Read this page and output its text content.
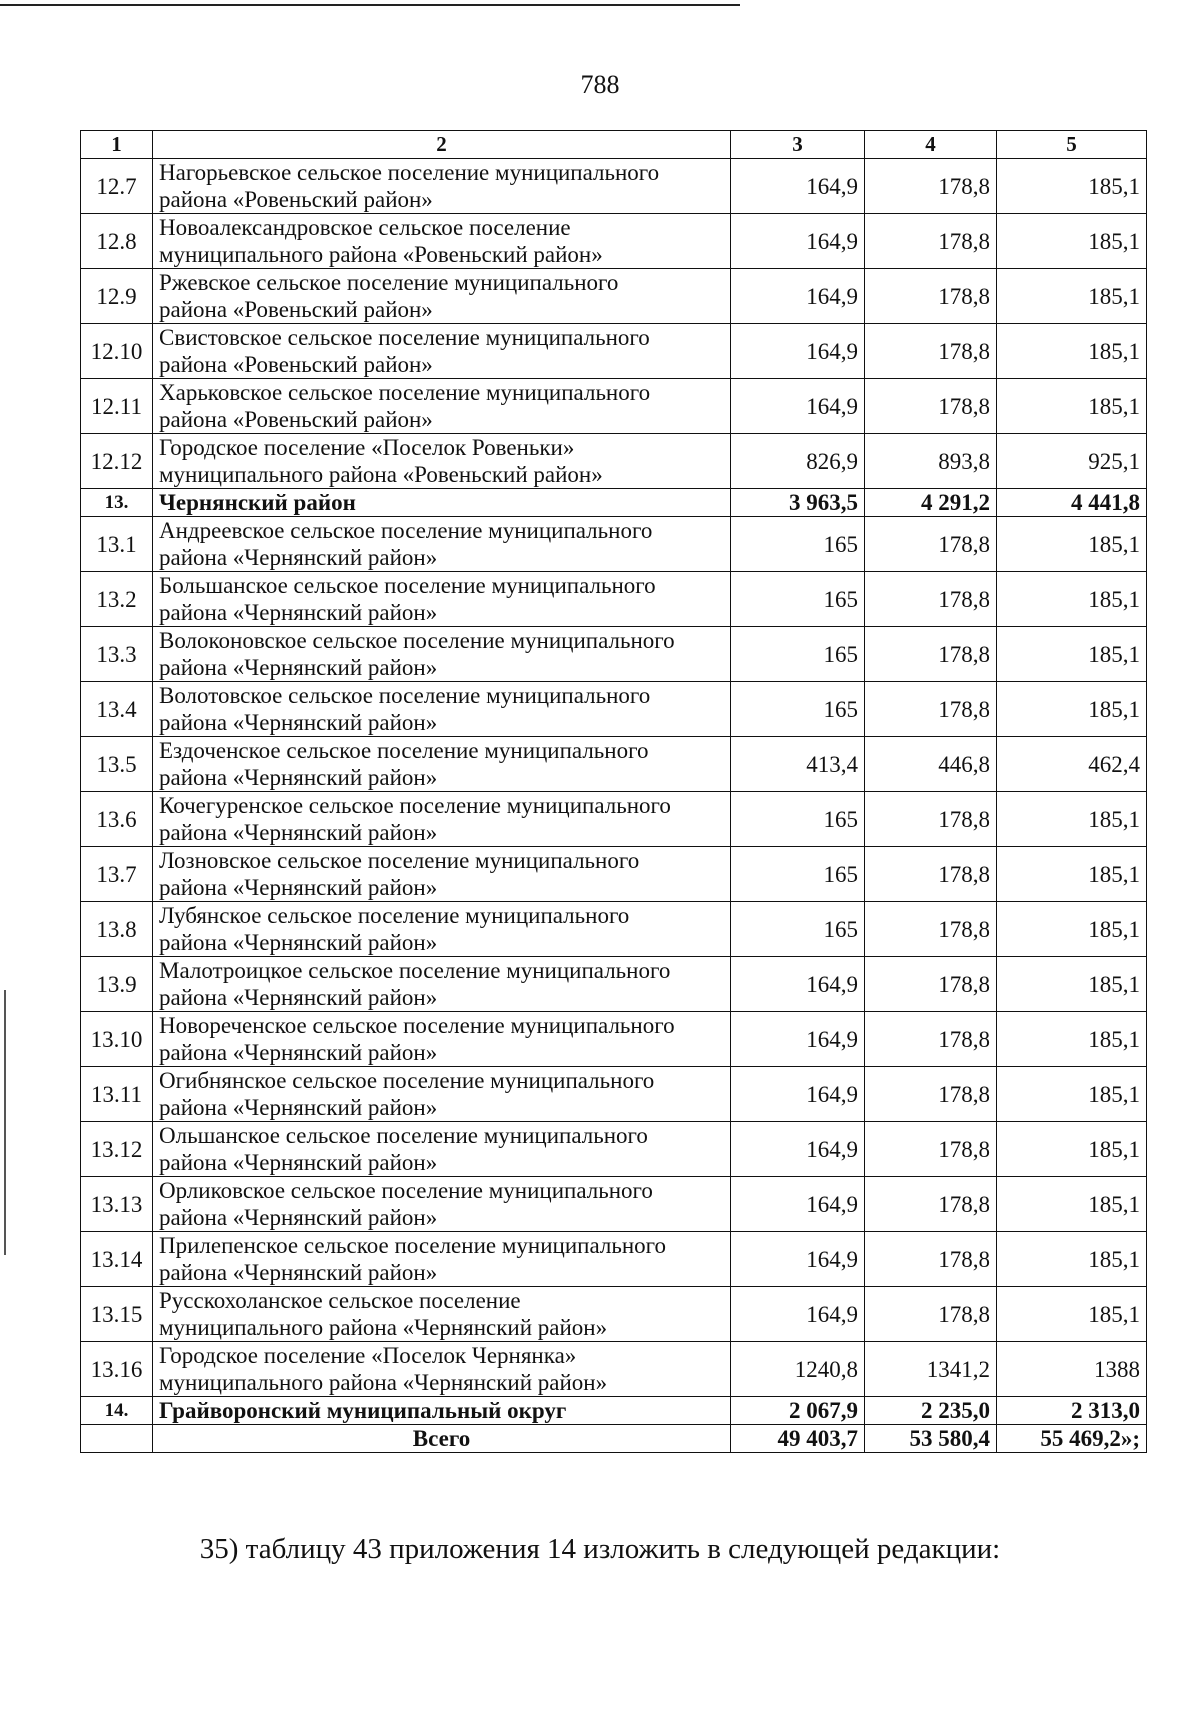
788
1	2	3	4	5
12.7	Нагорьевское сельское поселение муниципального
района «Ровеньский район»	164,9	178,8	185,1
12.8	Новоалександровское сельское поселение
муниципального района «Ровеньский район»	164,9	178,8	185,1
12.9	Ржевское сельское поселение муниципального
района «Ровеньский район»	164,9	178,8	185,1
12.10	Свистовское сельское поселение муниципального
района «Ровеньский район»	164,9	178,8	185,1
12.11	Харьковское сельское поселение муниципального
района «Ровеньский район»	164,9	178,8	185,1
12.12	Городское поселение «Поселок Ровеньки»
муниципального района «Ровеньский район»	826,9	893,8	925,1
13.	Чернянский район	3 963,5	4 291,2	4 441,8
13.1	Андреевское сельское поселение муниципального
района «Чернянский район»	165	178,8	185,1
13.2	Большанское сельское поселение муниципального
района «Чернянский район»	165	178,8	185,1
13.3	Волоконовское сельское поселение муниципального
района «Чернянский район»	165	178,8	185,1
13.4	Волотовское сельское поселение муниципального
района «Чернянский район»	165	178,8	185,1
13.5	Ездоченское сельское поселение муниципального
района «Чернянский район»	413,4	446,8	462,4
13.6	Кочегуренское сельское поселение муниципального
района «Чернянский район»	165	178,8	185,1
13.7	Лозновское сельское поселение муниципального
района «Чернянский район»	165	178,8	185,1
13.8	Лубянское сельское поселение муниципального
района «Чернянский район»	165	178,8	185,1
13.9	Малотроицкое сельское поселение муниципального
района «Чернянский район»	164,9	178,8	185,1
13.10	Новореченское сельское поселение муниципального
района «Чернянский район»	164,9	178,8	185,1
13.11	Огибнянское сельское поселение муниципального
района «Чернянский район»	164,9	178,8	185,1
13.12	Ольшанское сельское поселение муниципального
района «Чернянский район»	164,9	178,8	185,1
13.13	Орликовское сельское поселение муниципального
района «Чернянский район»	164,9	178,8	185,1
13.14	Прилепенское сельское поселение муниципального
района «Чернянский район»	164,9	178,8	185,1
13.15	Русскохоланское сельское поселение
муниципального района «Чернянский район»	164,9	178,8	185,1
13.16	Городское поселение «Поселок Чернянка»
муниципального района «Чернянский район»	1240,8	1341,2	1388
14.	Грайворонский муниципальный округ	2 067,9	2 235,0	2 313,0
	Всего	49 403,7	53 580,4	55 469,2»;
35) таблицу 43 приложения 14 изложить в следующей редакции:
